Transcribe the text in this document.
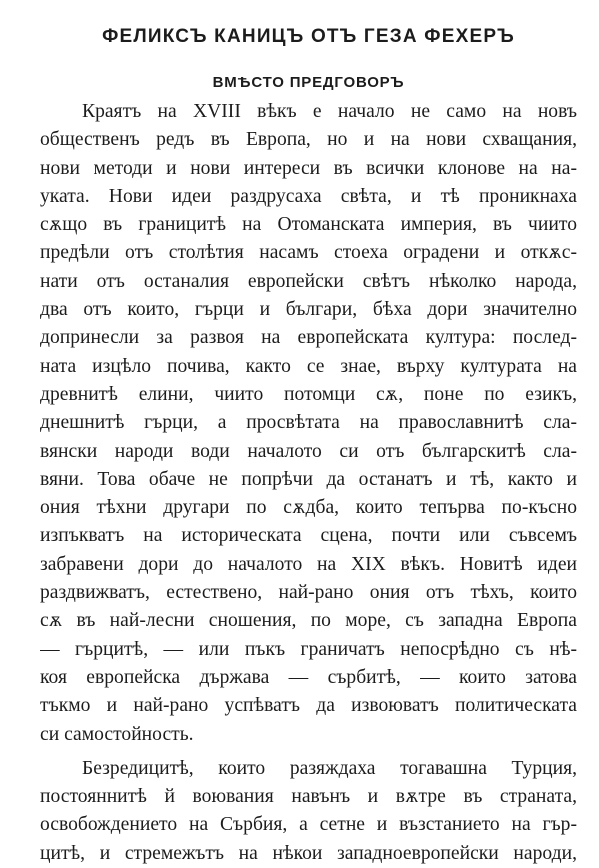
ФЕЛИКСЪ КАНИЦЪ ОТЪ ГЕЗА ФЕХЕРЪ
ВМѢСТО ПРЕДГОВОРЪ
Краятъ на XVIII вѣкъ е начало не само на новъ
общественъ редъ въ Европа, но и на нови схващания,
нови методи и нови интереси въ всички клонове на на-
уката. Нови идеи раздрусаха свѣта, и тѣ проникнаха
сѫщо въ границитѣ на Отоманската империя, въ чиито
предѣли отъ столѣтия насамъ стоеха оградени и откѫс-
нати отъ останалия европейски свѣтъ нѣколко народа,
два отъ които, гърци и българи, бѣха дори значително
допринесли за развоя на европейската култура: послед-
ната изцѣло почива, както се знае, върху културата на
древнитѣ елини, чиито потомци сѫ, поне по езикъ,
днешнитѣ гърци, а просвѣтата на православнитѣ сла-
вянски народи води началото си отъ българскитѣ сла-
вяни. Това обаче не попрѣчи да останатъ и тѣ, както и
ония тѣхни другари по сѫдба, които тепърва по-късно
изпъкватъ на историческата сцена, почти или съвсемъ
забравени дори до началото на XIX вѣкъ. Новитѣ идеи
раздвижватъ, естествено, най-рано ония отъ тѣхъ, които
сѫ въ най-лесни сношения, по море, съ западна Европа
— гърцитѣ, — или пъкъ граничатъ непосрѣдно съ нѣ-
коя европейска държава — сърбитѣ, — които затова
тъкмо и най-рано успѣватъ да извоюватъ политическата
си самостойность.
Безредицитѣ, които разяждаха тогавашна Турция,
постояннитѣ й воювания навънъ и вѫтре въ страната,
освобождението на Сърбия, а сетне и възстанието на гър-
цитѣ, и стремежътъ на нѣкои западноевропейски народи,
